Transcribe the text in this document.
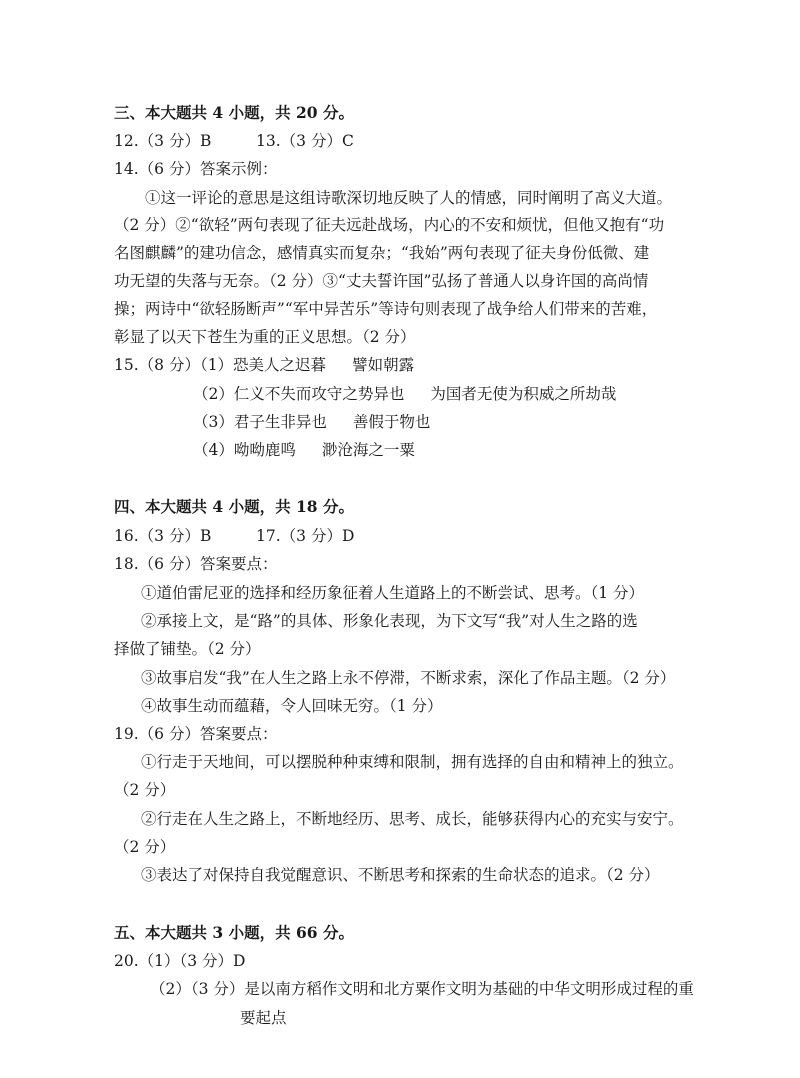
三、本大题共 4 小题，共 20 分。
12.（3 分）B	13.（3 分）C
14.（6 分）答案示例：
①这一评论的意思是这组诗歌深切地反映了人的情感，同时阐明了高义大道。
（2 分）②“欲轻”两句表现了征夫远赴战场，内心的不安和烦忧，但他又抱有“功
名图麒麟”的建功信念，感情真实而复杂；“我始”两句表现了征夫身份低微、建
功无望的失落与无奈。（2 分）③“丈夫誓许国”弘扬了普通人以身许国的高尚情
操；两诗中“欲轻肠断声”“军中异苦乐”等诗句则表现了战争给人们带来的苦难，
彰显了以天下苍生为重的正义思想。（2 分）
15.（8 分）（1）恐美人之迟暮 譬如朝露
（2）仁义不失而攻守之势异也 为国者无使为积威之所劫哉
（3）君子生非异也 善假于物也
（4）呦呦鹿鸣 渺沧海之一粟
四、本大题共 4 小题，共 18 分。
16.（3 分）B	17.（3 分）D
18.（6 分）答案要点：
①道伯雷尼亚的选择和经历象征着人生道路上的不断尝试、思考。（1 分）
②承接上文，是“路”的具体、形象化表现，为下文写“我”对人生之路的选
择做了铺垫。（2 分）
③故事启发“我”在人生之路上永不停滞，不断求索，深化了作品主题。（2 分）
④故事生动而蕴藉，令人回味无穷。（1 分）
19.（6 分）答案要点：
①行走于天地间，可以摆脱种种束缚和限制，拥有选择的自由和精神上的独立。
（2 分）
②行走在人生之路上，不断地经历、思考、成长，能够获得内心的充实与安宁。
（2 分）
③表达了对保持自我觉醒意识、不断思考和探索的生命状态的追求。（2 分）
五、本大题共 3 小题，共 66 分。
20.（1）（3 分）D
（2）（3 分）是以南方稻作文明和北方粟作文明为基础的中华文明形成过程的重
要起点
